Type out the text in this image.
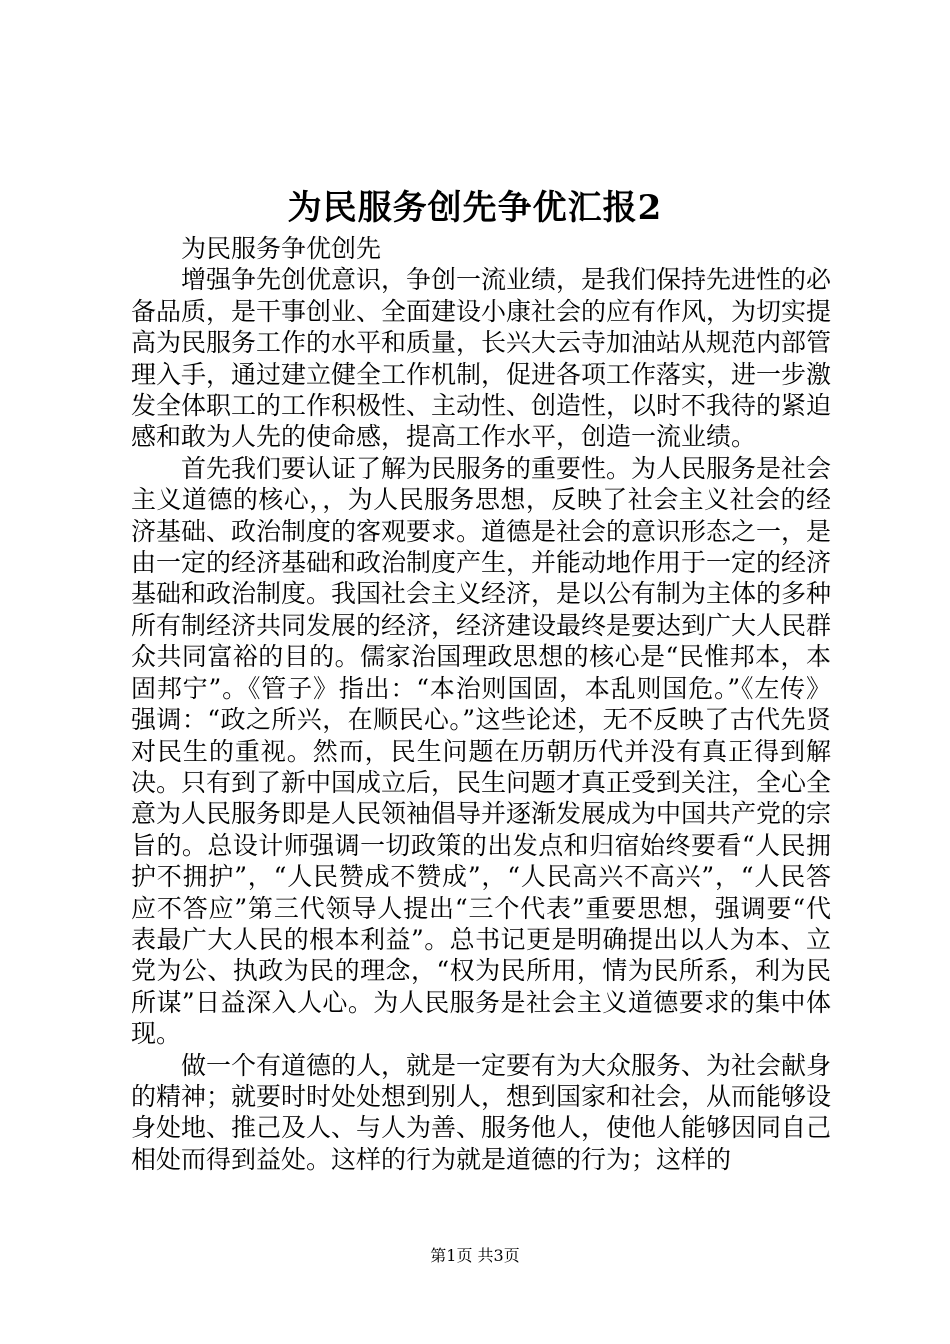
为民服务创先争优汇报2

为民服务争优创先

增强争先创优意识，争创一流业绩，是我们保持先进性的必备品质，是干事创业、全面建设小康社会的应有作风，为切实提高为民服务工作的水平和质量，长兴大云寺加油站从规范内部管理入手，通过建立健全工作机制，促进各项工作落实，进一步激发全体职工的工作积极性、主动性、创造性，以时不我待的紧迫感和敢为人先的使命感，提高工作水平，创造一流业绩。

首先我们要认证了解为民服务的重要性。为人民服务是社会主义道德的核心，，为人民服务思想，反映了社会主义社会的经济基础、政治制度的客观要求。道德是社会的意识形态之一，是由一定的经济基础和政治制度产生，并能动地作用于一定的经济基础和政治制度。我国社会主义经济，是以公有制为主体的多种所有制经济共同发展的经济，经济建设最终是要达到广大人民群众共同富裕的目的。儒家治国理政思想的核心是“民惟邦本，本固邦宁”。《管子》指出：“本治则国固，本乱则国危。”《左传》强调：“政之所兴，在顺民心。”这些论述，无不反映了古代先贤对民生的重视。然而，民生问题在历朝历代并没有真正得到解决。只有到了新中国成立后，民生问题才真正受到关注，全心全意为人民服务即是人民领袖倡导并逐渐发展成为中国共产党的宗旨的。总设计师强调一切政策的出发点和归宿始终要看“人民拥护不拥护”，“人民赞成不赞成”，“人民高兴不高兴”，“人民答应不答应”第三代领导人提出“三个代表”重要思想，强调要“代表最广大人民的根本利益”。总书记更是明确提出以人为本、立党为公、执政为民的理念，“权为民所用，情为民所系，利为民所谋”日益深入人心。为人民服务是社会主义道德要求的集中体现。

做一个有道德的人，就是一定要有为大众服务、为社会献身的精神；就要时时处处想到别人，想到国家和社会，从而能够设身处地、推己及人、与人为善、服务他人，使他人能够因同自己相处而得到益处。这样的行为就是道德的行为；这样的

第1页 共3页
